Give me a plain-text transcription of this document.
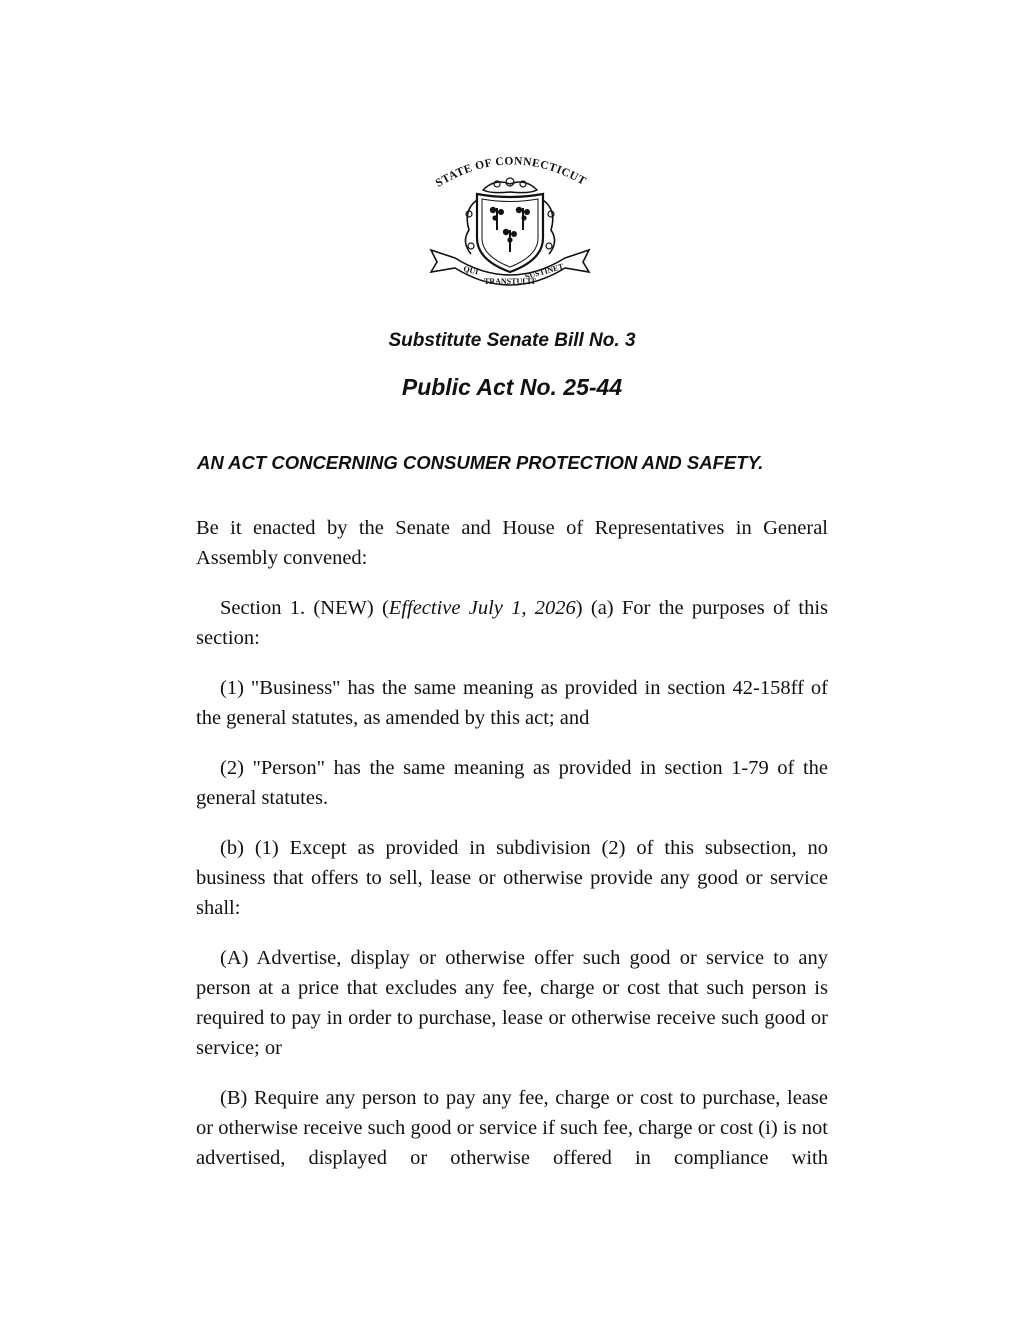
STATE OF CONNECTICUT
QUI
TRANSTULIT
SUSTINET
Substitute Senate Bill No. 3
Public Act No. 25-44
AN ACT CONCERNING CONSUMER PROTECTION AND SAFETY.

Be it enacted by the Senate and House of Representatives in General Assembly convened:

Section 1. (NEW) (Effective July 1, 2026) (a) For the purposes of this section:

(1) "Business" has the same meaning as provided in section 42-158ff of the general statutes, as amended by this act; and

(2) "Person" has the same meaning as provided in section 1-79 of the general statutes.

(b) (1) Except as provided in subdivision (2) of this subsection, no business that offers to sell, lease or otherwise provide any good or service shall:

(A) Advertise, display or otherwise offer such good or service to any person at a price that excludes any fee, charge or cost that such person is required to pay in order to purchase, lease or otherwise receive such good or service; or

(B) Require any person to pay any fee, charge or cost to purchase, lease or otherwise receive such good or service if such fee, charge or cost (i) is not advertised, displayed or otherwise offered in compliance with
